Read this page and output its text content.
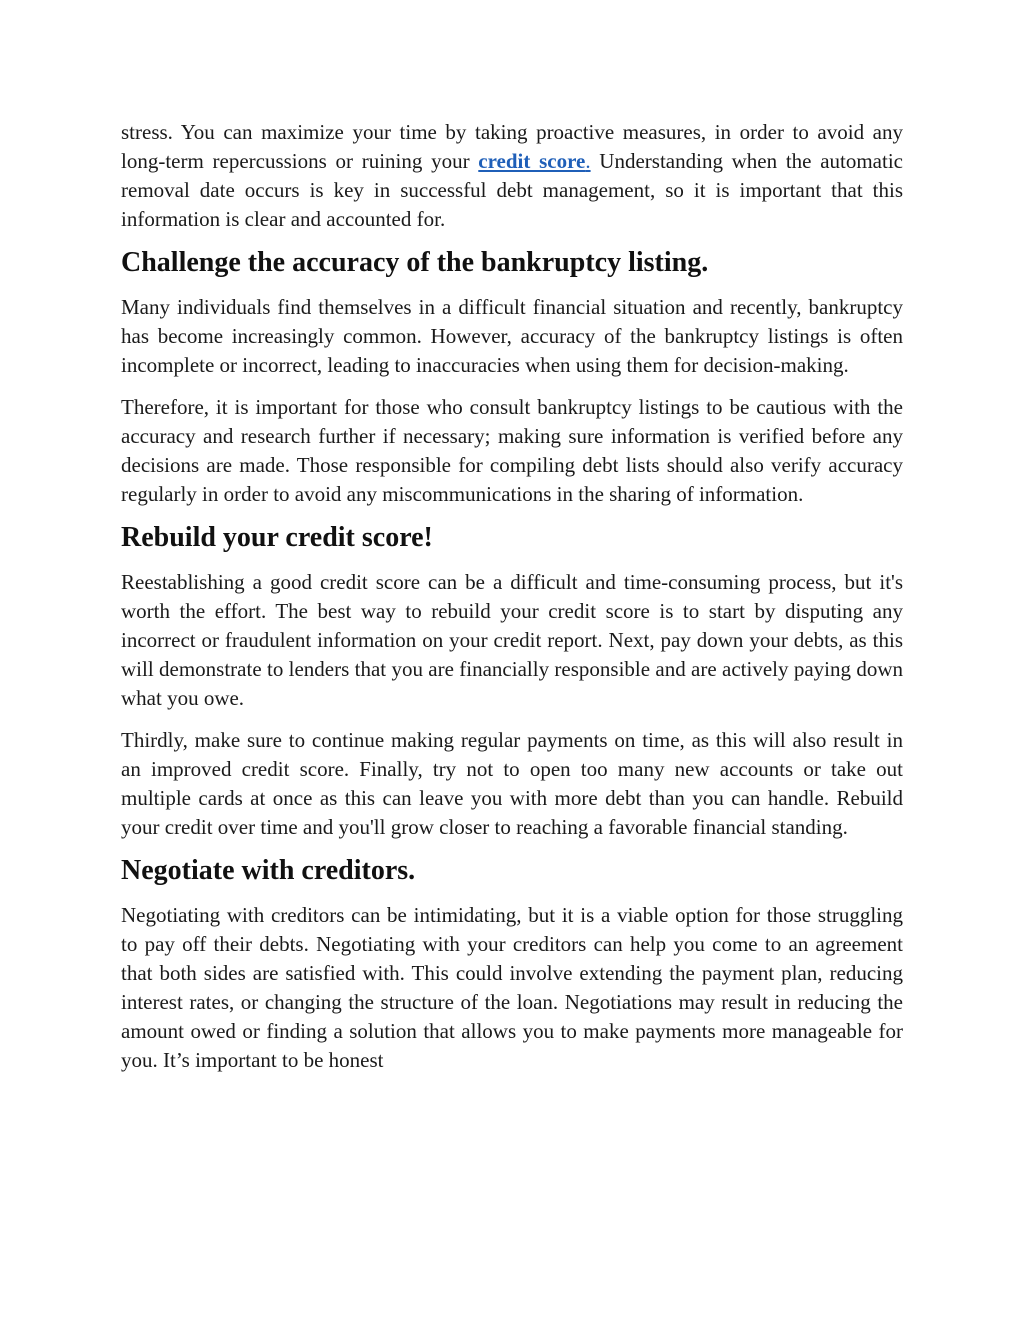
stress. You can maximize your time by taking proactive measures, in order to avoid any long-term repercussions or ruining your credit score. Understanding when the automatic removal date occurs is key in successful debt management, so it is important that this information is clear and accounted for.

Challenge the accuracy of the bankruptcy listing.

Many individuals find themselves in a difficult financial situation and recently, bankruptcy has become increasingly common. However, accuracy of the bankruptcy listings is often incomplete or incorrect, leading to inaccuracies when using them for decision-making.

Therefore, it is important for those who consult bankruptcy listings to be cautious with the accuracy and research further if necessary; making sure information is verified before any decisions are made. Those responsible for compiling debt lists should also verify accuracy regularly in order to avoid any miscommunications in the sharing of information.

Rebuild your credit score!

Reestablishing a good credit score can be a difficult and time-consuming process, but it's worth the effort. The best way to rebuild your credit score is to start by disputing any incorrect or fraudulent information on your credit report. Next, pay down your debts, as this will demonstrate to lenders that you are financially responsible and are actively paying down what you owe.

Thirdly, make sure to continue making regular payments on time, as this will also result in an improved credit score. Finally, try not to open too many new accounts or take out multiple cards at once as this can leave you with more debt than you can handle. Rebuild your credit over time and you'll grow closer to reaching a favorable financial standing.

Negotiate with creditors.

Negotiating with creditors can be intimidating, but it is a viable option for those struggling to pay off their debts. Negotiating with your creditors can help you come to an agreement that both sides are satisfied with. This could involve extending the payment plan, reducing interest rates, or changing the structure of the loan. Negotiations may result in reducing the amount owed or finding a solution that allows you to make payments more manageable for you. It’s important to be honest
